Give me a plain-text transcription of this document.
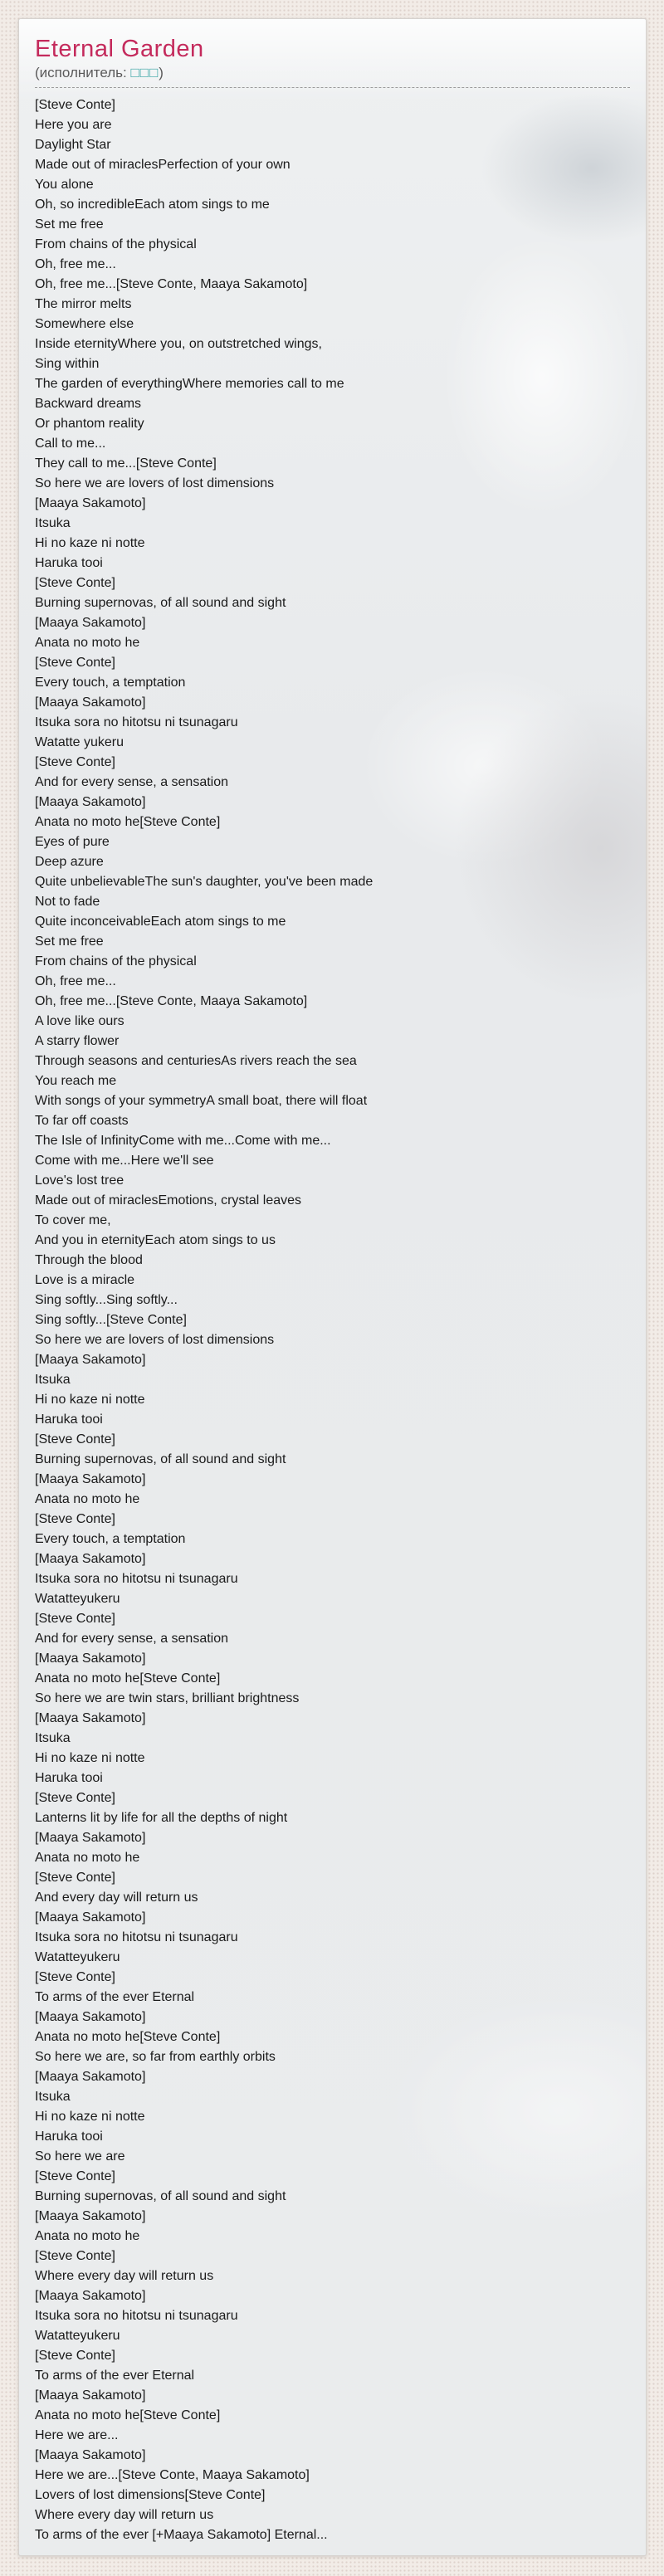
Eternal Garden
(исполнитель: □□□)
[Steve Conte]
Here you are
Daylight Star
Made out of miraclesPerfection of your own
You alone
Oh, so incredibleEach atom sings to me
Set me free
From chains of the physical
Oh, free me...
Oh, free me...[Steve Conte, Maaya Sakamoto]
The mirror melts
Somewhere else
Inside eternityWhere you, on outstretched wings,
Sing within
The garden of everythingWhere memories call to me
Backward dreams
Or phantom reality
Call to me...
They call to me...[Steve Conte]
So here we are lovers of lost dimensions
[Maaya Sakamoto]
Itsuka
Hi no kaze ni notte
Haruka tooi
[Steve Conte]
Burning supernovas, of all sound and sight
[Maaya Sakamoto]
Anata no moto he
[Steve Conte]
Every touch, a temptation
[Maaya Sakamoto]
Itsuka sora no hitotsu ni tsunagaru
Watatte yukeru
[Steve Conte]
And for every sense, a sensation
[Maaya Sakamoto]
Anata no moto he[Steve Conte]
Eyes of pure
Deep azure
Quite unbelievableThe sun's daughter, you've been made
Not to fade
Quite inconceivableEach atom sings to me
Set me free
From chains of the physical
Oh, free me...
Oh, free me...[Steve Conte, Maaya Sakamoto]
A love like ours
A starry flower
Through seasons and centuriesAs rivers reach the sea
You reach me
With songs of your symmetryA small boat, there will float
To far off coasts
The Isle of InfinityCome with me...Come with me...
Come with me...Here we'll see
Love's lost tree
Made out of miraclesEmotions, crystal leaves
To cover me,
And you in eternityEach atom sings to us
Through the blood
Love is a miracle
Sing softly...Sing softly...
Sing softly...[Steve Conte]
So here we are lovers of lost dimensions
[Maaya Sakamoto]
Itsuka
Hi no kaze ni notte
Haruka tooi
[Steve Conte]
Burning supernovas, of all sound and sight
[Maaya Sakamoto]
Anata no moto he
[Steve Conte]
Every touch, a temptation
[Maaya Sakamoto]
Itsuka sora no hitotsu ni tsunagaru
Watatteyukeru
[Steve Conte]
And for every sense, a sensation
[Maaya Sakamoto]
Anata no moto he[Steve Conte]
So here we are twin stars, brilliant brightness
[Maaya Sakamoto]
Itsuka
Hi no kaze ni notte
Haruka tooi
[Steve Conte]
Lanterns lit by life for all the depths of night
[Maaya Sakamoto]
Anata no moto he
[Steve Conte]
And every day will return us
[Maaya Sakamoto]
Itsuka sora no hitotsu ni tsunagaru
Watatteyukeru
[Steve Conte]
To arms of the ever Eternal
[Maaya Sakamoto]
Anata no moto he[Steve Conte]
So here we are, so far from earthly orbits
[Maaya Sakamoto]
Itsuka
Hi no kaze ni notte
Haruka tooi
So here we are
[Steve Conte]
Burning supernovas, of all sound and sight
[Maaya Sakamoto]
Anata no moto he
[Steve Conte]
Where every day will return us
[Maaya Sakamoto]
Itsuka sora no hitotsu ni tsunagaru
Watatteyukeru
[Steve Conte]
To arms of the ever Eternal
[Maaya Sakamoto]
Anata no moto he[Steve Conte]
Here we are...
[Maaya Sakamoto]
Here we are...[Steve Conte, Maaya Sakamoto]
Lovers of lost dimensions[Steve Conte]
Where every day will return us
To arms of the ever [+Maaya Sakamoto] Eternal...
